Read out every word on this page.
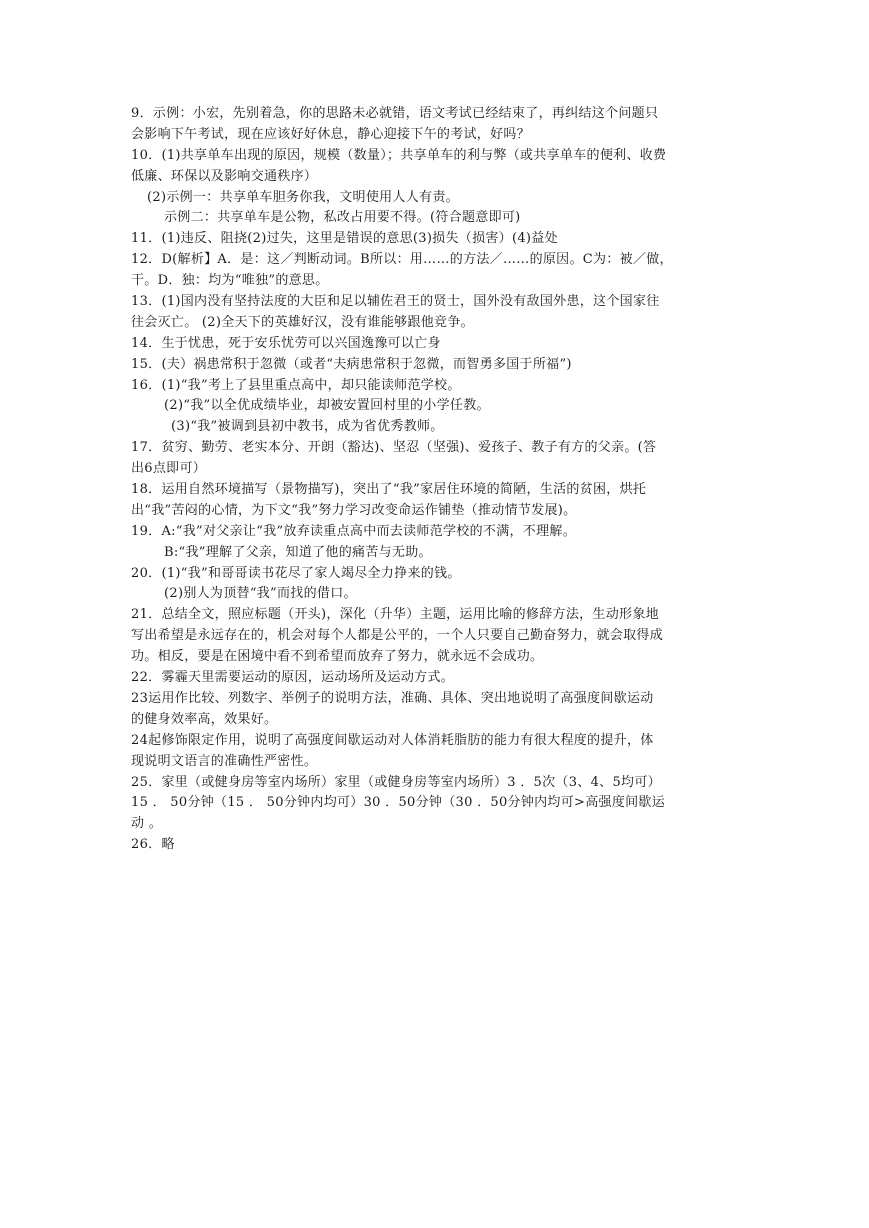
9．示例：小宏，先别着急，你的思路未必就错，语文考试已经结束了，再纠结这个问题只
会影响下午考试，现在应该好好休息，静心迎接下午的考试，好吗？
10．(1)共享单车出现的原因，规模（数量）；共享单车的利与弊（或共享单车的便利、收费
低廉、环保以及影响交通秩序）
(2)示例一：共享单车胆务你我，文明使用人人有责。
示例二：共享单车是公物，私改占用要不得。(符合题意即可)
11．(1)违反、阻挠(2)过失，这里是错误的意思(3)损失（损害）(4)益处
12．D(解析】A．是：这／判断动词。B所以：用……的方法／……的原因。C为：被／做，
干。D．独：均为“唯独”的意思。
13．(1)国内没有坚持法度的大臣和足以辅佐君王的贤士，国外没有敌国外患，这个国家往
往会灭亡。 (2)全天下的英雄好汉，没有谁能够跟他竞争。
14．生于忧患，死于安乐忧劳可以兴国逸豫可以亡身
15．(夫）祸患常积于忽微（或者“夫病患常积于忽微，而智勇多国于所福”)
16．(1)“我”考上了县里重点高中，却只能读师范学校。
(2)“我”以全优成绩毕业，却被安置回村里的小学任教。
(3)“我”被调到县初中教书，成为省优秀教师。
17．贫穷、勤劳、老实本分、开朗（豁达)、坚忍（坚强)、爱孩子、教子有方的父亲。(答
出6点即可）
18．运用自然环境描写（景物描写)，突出了“我”家居住环境的简陋，生活的贫困，烘托
出“我”苦闷的心情，为下文“我”努力学习改变命运作铺垫（推动情节发展)。
19．A:“我”对父亲让“我”放弃读重点高中而去读师范学校的不满，不理解。
B:“我”理解了父亲，知道了他的痛苦与无助。
20．(1)“我”和哥哥读书花尽了家人竭尽全力挣来的钱。
(2)别人为顶替“我”而找的借口。
21．总结全文，照应标题（开头)，深化（升华）主题，运用比喻的修辞方法，生动形象地
写出希望是永远存在的，机会对每个人都是公平的，一个人只要自己勤奋努力，就会取得成
功。相反，要是在困境中看不到希望而放弃了努力，就永远不会成功。
22．雾霾天里需要运动的原因，运动场所及运动方式。
23运用作比较、列数字、举例子的说明方法，准确、具体、突出地说明了高强度间歇运动
的健身效率高，效果好。
24起修饰限定作用，说明了高强度间歇运动对人体消耗脂肪的能力有很大程度的提升，体
现说明文语言的准确性严密性。
25．家里（或健身房等室内场所）家里（或健身房等室内场所）3 ．5次（3、4、5均可）
15 ． 50分钟（15 ． 50分钟内均可）30 ．50分钟（30 ．50分钟内均可>高强度间歇运
动 。
26．略
